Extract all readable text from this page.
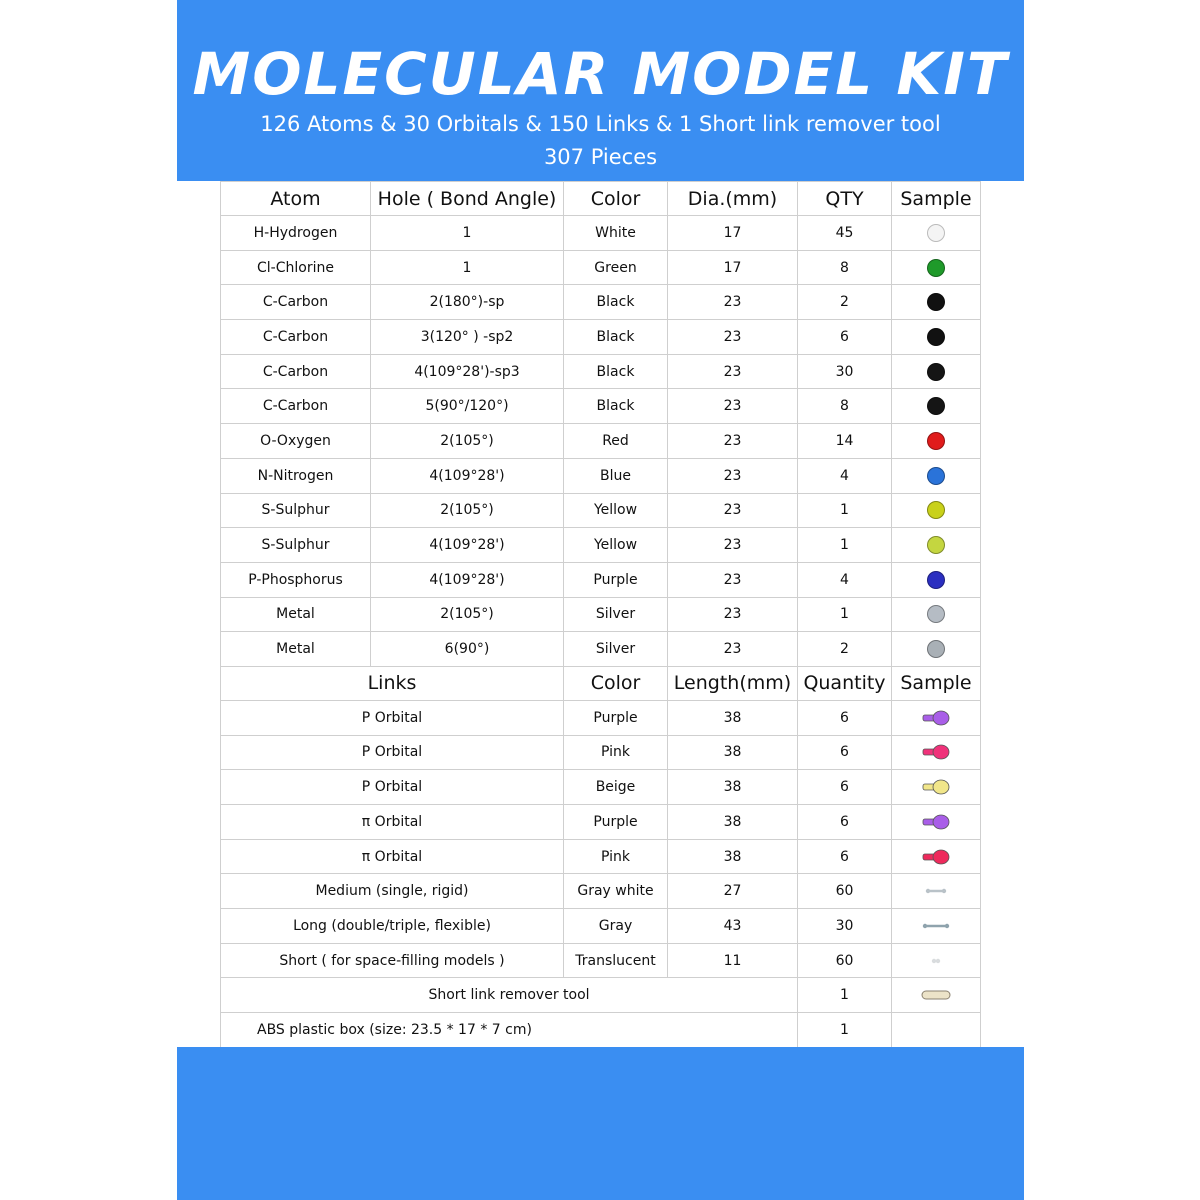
MOLECULAR MODEL KIT
126 Atoms & 30 Orbitals & 150 Links & 1 Short link remover tool
307 Pieces
Atom	Hole ( Bond Angle)	Color	Dia.(mm)	QTY	Sample
H-Hydrogen	1	White	17	45	
Cl-Chlorine	1	Green	17	8	
C-Carbon	2(180°)-sp	Black	23	2	
C-Carbon	3(120° ) -sp2	Black	23	6	
C-Carbon	4(109°28')-sp3	Black	23	30	
C-Carbon	5(90°/120°)	Black	23	8	
O-Oxygen	2(105°)	Red	23	14	
N-Nitrogen	4(109°28')	Blue	23	4	
S-Sulphur	2(105°)	Yellow	23	1	
S-Sulphur	4(109°28')	Yellow	23	1	
P-Phosphorus	4(109°28')	Purple	23	4	
Metal	2(105°)	Silver	23	1	
Metal	6(90°)	Silver	23	2	
Links		Color	Length(mm)	Quantity	Sample
P Orbital		Purple	38	6	
P Orbital		Pink	38	6	
P Orbital		Beige	38	6	
π Orbital		Purple	38	6	
π Orbital		Pink	38	6	
Medium (single, rigid)		Gray white	27	60	
Long (double/triple, flexible)		Gray	43	30	
Short ( for space-filling models )		Translucent	11	60	
Short link remover tool				1	
ABS plastic box (size: 23.5 * 17 * 7 cm)				1	
